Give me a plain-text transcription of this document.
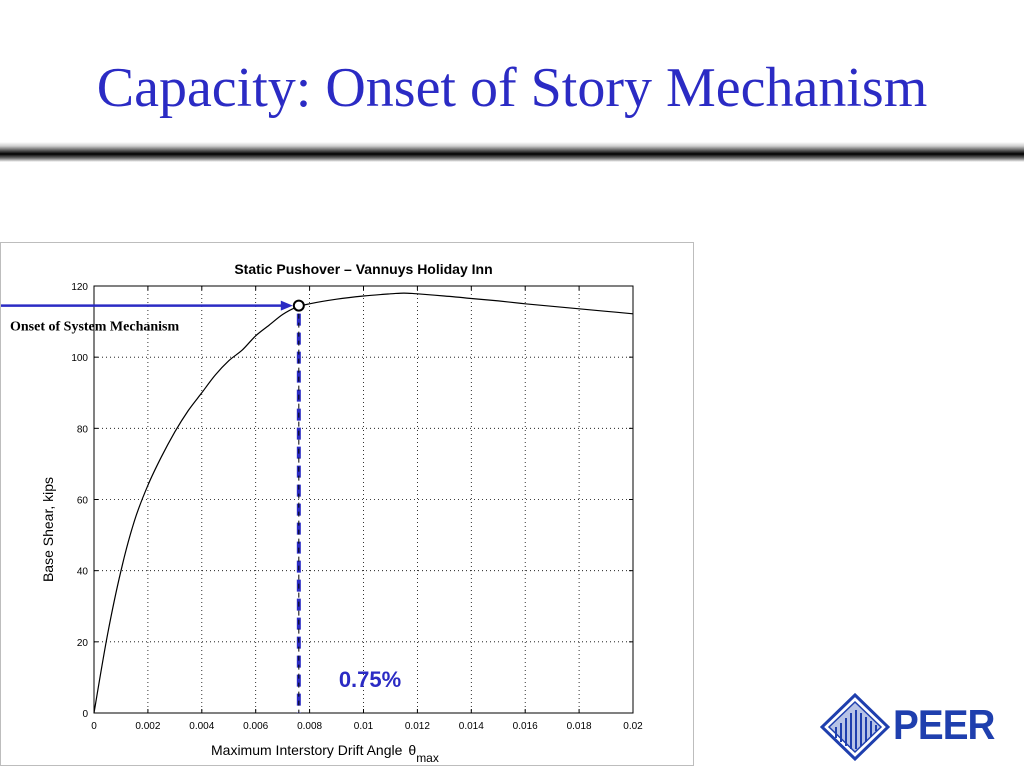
Capacity: Onset of Story Mechanism
0	0.002	0.004	0.006	0.008	0.01	0.012	0.014	0.016	0.018	0.02
0
20
40
60
80
100
120
Static Pushover – Vannuys Holiday Inn
Onset of System Mechanism
0.75%
Maximum Interstory Drift Angle θmax
Base Shear, kips
PEER
